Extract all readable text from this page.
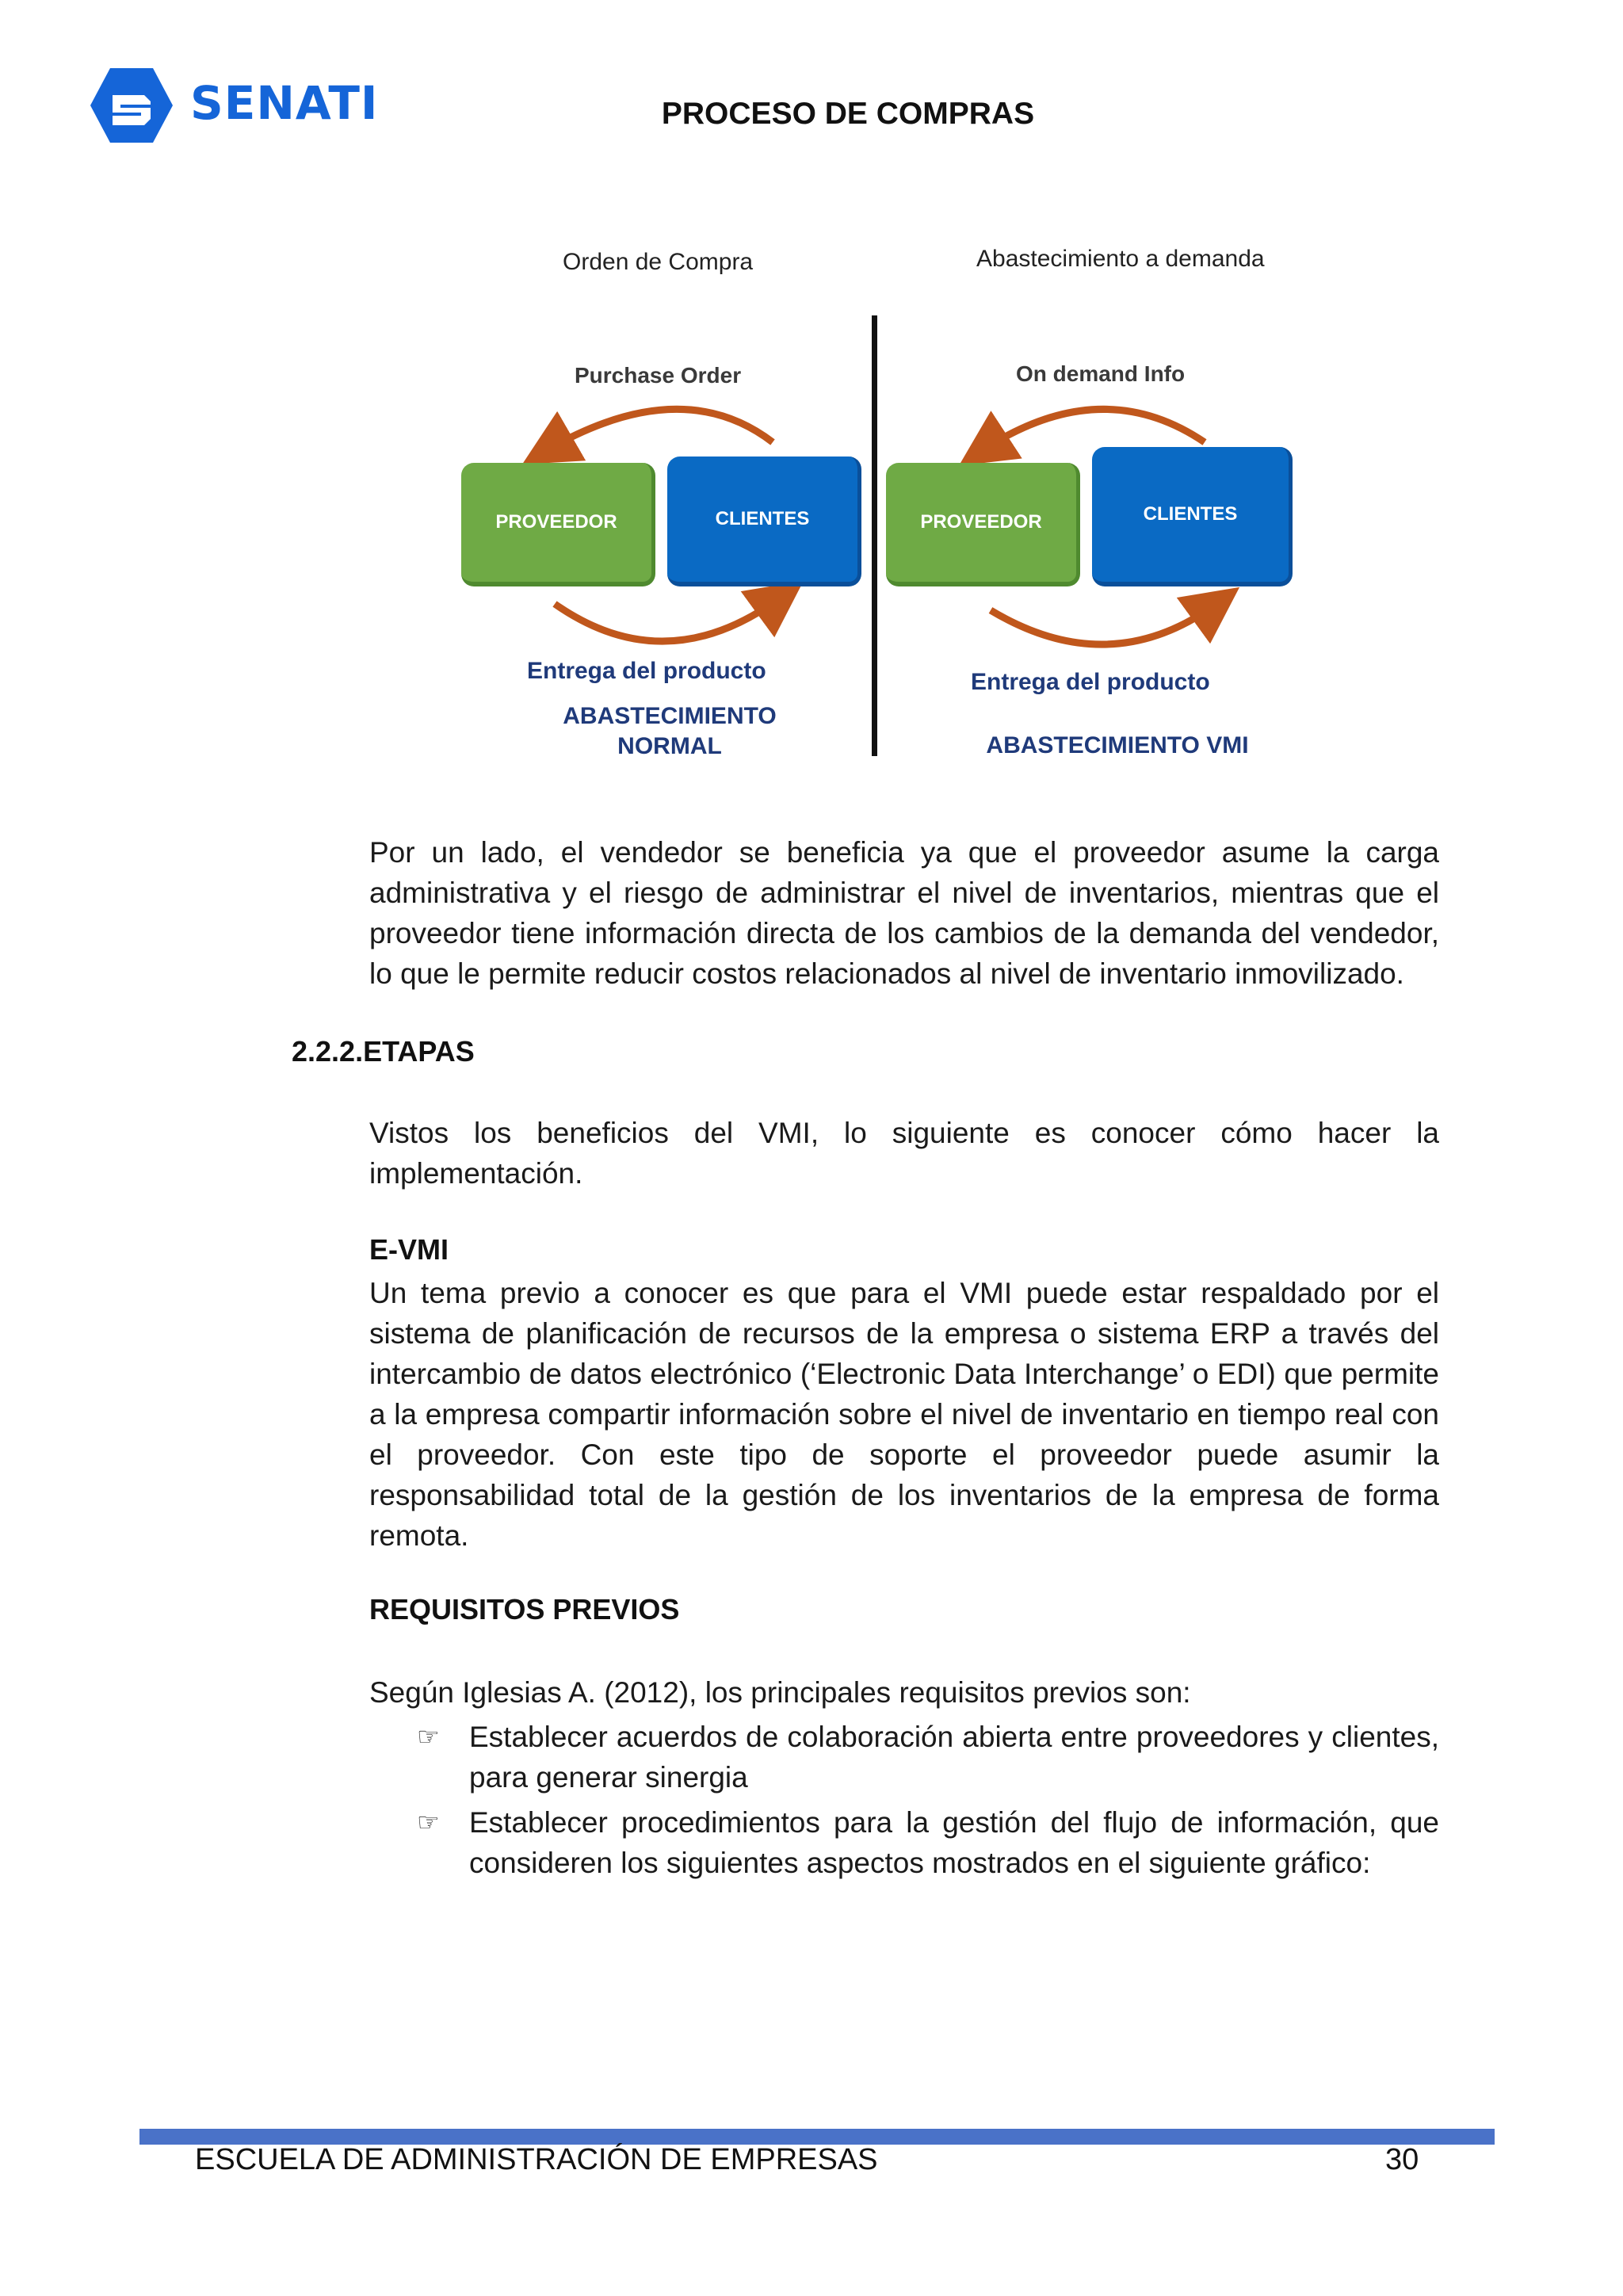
SENATI	PROCESO DE COMPRAS
Orden de Compra	Abastecimiento a demanda
Purchase Order	On demand Info
PROVEEDOR	CLIENTES	PROVEEDOR	CLIENTES
Entrega del producto	Entrega del producto
ABASTECIMIENTO
NORMAL	ABASTECIMIENTO VMI
Por un lado, el vendedor se beneficia ya que el proveedor asume la carga administrativa y el riesgo de administrar el nivel de inventarios, mientras que el proveedor tiene información directa de los cambios de la demanda del vendedor, lo que le permite reducir costos relacionados al nivel de inventario inmovilizado.
2.2.2.ETAPAS
Vistos los beneficios del VMI, lo siguiente es conocer cómo hacer la implementación.
E-VMI
Un tema previo a conocer es que para el VMI puede estar respaldado por el sistema de planificación de recursos de la empresa o sistema ERP a través del intercambio de datos electrónico (‘Electronic Data Interchange’ o EDI) que permite a la empresa compartir información sobre el nivel de inventario en tiempo real con el proveedor. Con este tipo de soporte el proveedor puede asumir la responsabilidad total de la gestión de los inventarios de la empresa de forma remota.
REQUISITOS PREVIOS
Según Iglesias A. (2012), los principales requisitos previos son:
☞	Establecer acuerdos de colaboración abierta entre proveedores y clientes, para generar sinergia
☞	Establecer procedimientos para la gestión del flujo de información, que consideren los siguientes aspectos mostrados en el siguiente gráfico:
ESCUELA DE ADMINISTRACIÓN DE EMPRESAS	30
